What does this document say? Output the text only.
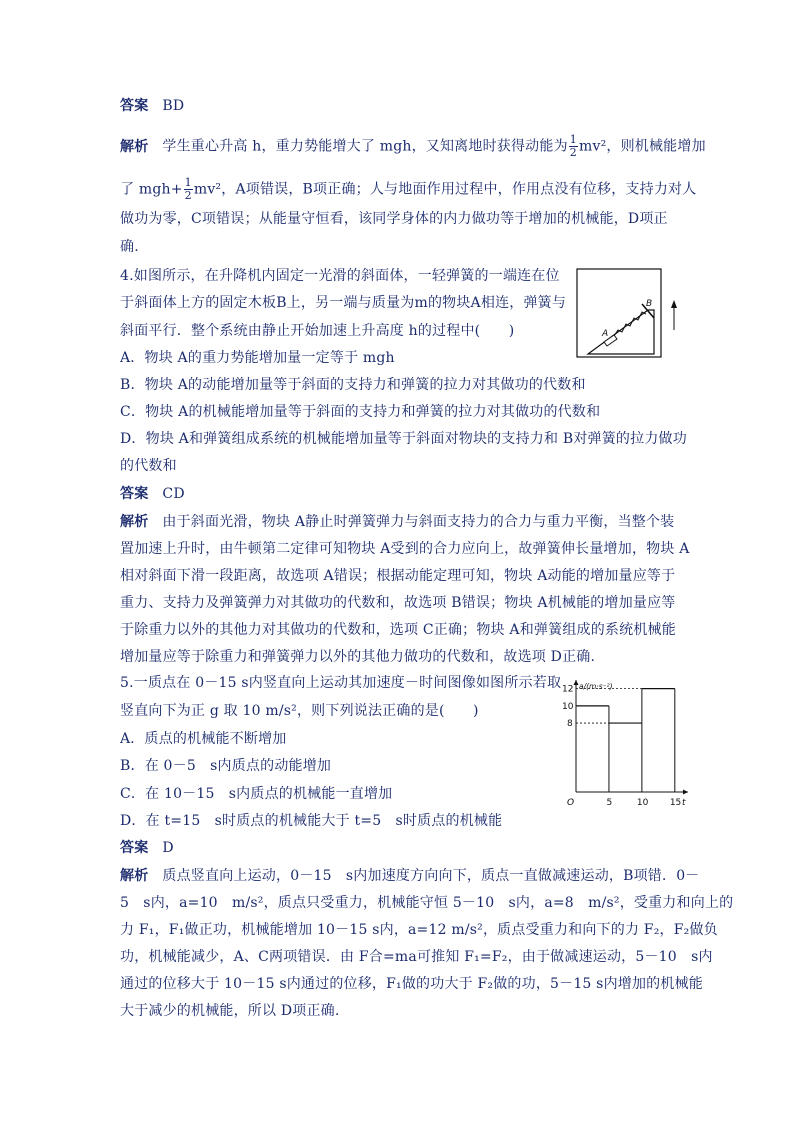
答案 BD
解析 学生重心升高 h，重力势能增大了 mgh，又知离地时获得动能为 $\frac{1}{2} mv^2$，则机械能增加
了 $mgh+ \frac{1}{2} mv^2$，A项错误，B项正确；人与地面作用过程中，作用点没有位移，支持力对人
做功为零，C项错误；从能量守恒看，该同学身体的内力做功等于增加的机械能，D项正
确.
4.如图所示，在升降机内固定一光滑的斜面体，一轻弹簧的一端连在位
于斜面体上方的固定木板B上，另一端与质量为m的物块A相连，弹簧与
斜面平行．整个系统由静止开始加速上升高度 h的过程中(　　)
A．物块 A的重力势能增加量一定等于 mgh
B．物块 A的动能增加量等于斜面的支持力和弹簧的拉力对其做功的代数和
C．物块 A的机械能增加量等于斜面的支持力和弹簧的拉力对其做功的代数和
D．物块 A和弹簧组成系统的机械能增加量等于斜面对物块的支持力和 B对弹簧的拉力做功
的代数和
答案 CD
解析 由于斜面光滑，物块 A静止时弹簧弹力与斜面支持力的合力与重力平衡，当整个装
置加速上升时，由牛顿第二定律可知物块 A受到的合力应向上，故弹簧伸长量增加，物块 A
相对斜面下滑一段距离，故选项 A错误；根据动能定理可知，物块 A动能的增加量应等于
重力、支持力及弹簧弹力对其做功的代数和，故选项 B错误；物块 A机械能的增加量应等
于除重力以外的其他力对其做功的代数和，选项 C正确；物块 A和弹簧组成的系统机械能
增加量应等于除重力和弹簧弹力以外的其他力做功的代数和，故选项 D正确.
A
B
5.一质点在 0－15 s内竖直向上运动其加速度－时间图像如图所示若取
竖直向下为正 g 取 10 m/s²，则下列说法正确的是(　　)
A．质点的机械能不断增加
B．在 0－5　s内质点的动能增加
C．在 10－15　s内质点的机械能一直增加
D．在 t=15　s时质点的机械能大于 t=5　s时质点的机械能
答案 D
解析 质点竖直向上运动，0－15　s内加速度方向向下，质点一直做减速运动，B项错．0－
5　s内，a=10　m/s²，质点只受重力，机械能守恒 5－10　s内，a=8　m/s²，受重力和向上的
力 F₁，F₁做正功，机械能增加 10－15 s内，a=12 m/s²，质点受重力和向下的力 F₂，F₂做负
功，机械能减少，A、C两项错误．由 F合=ma可推知 F₁=F₂，由于做减速运动，5－10　s内
通过的位移大于 10－15 s内通过的位移，F₁做的功大于 F₂做的功，5－15 s内增加的机械能
大于减少的机械能，所以 D项正确.
a/(m·s⁻²)
t
O	5	10 15
8
10
12
